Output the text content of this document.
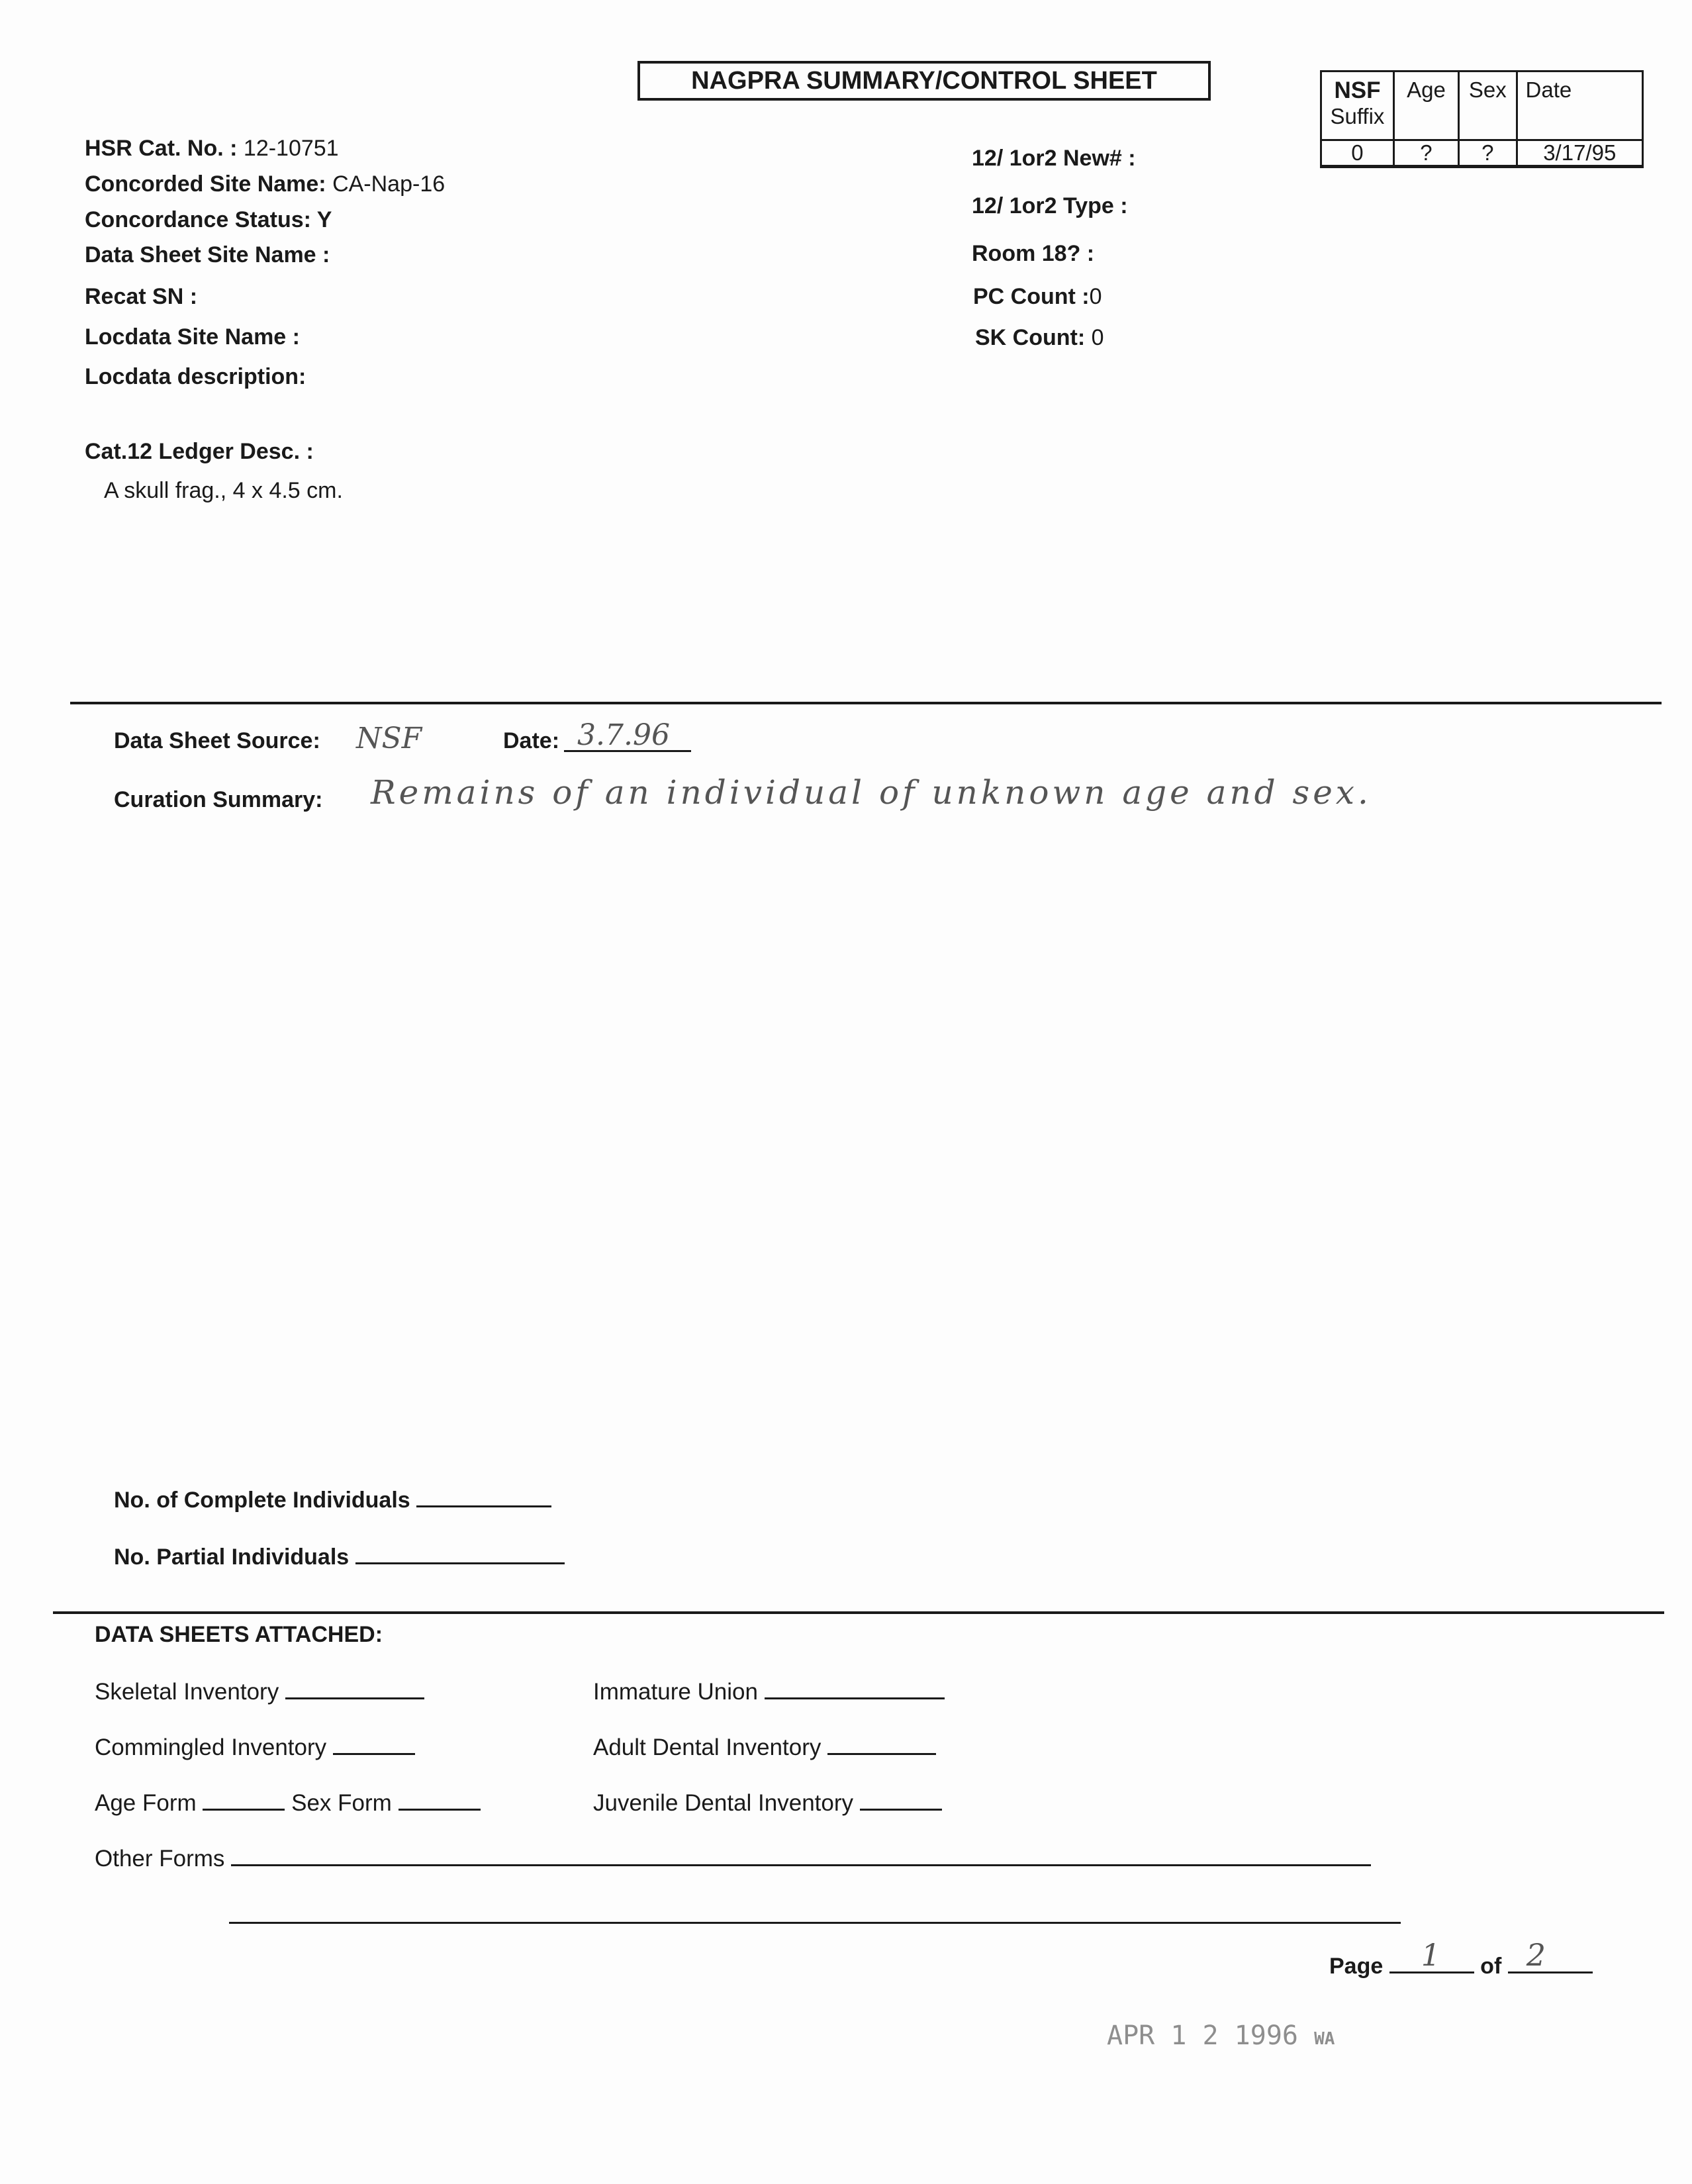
NAGPRA SUMMARY/CONTROL SHEET	NSF
Suffix	Age	Sex	Date
0	?	?	3/17/95
HSR Cat. No. : 12-10751
Concorded Site Name: CA-Nap-16
Concordance Status: Y
Data Sheet Site Name :
Recat SN :
Locdata Site Name :
Locdata description:
Cat.12 Ledger Desc. :
A skull frag., 4 x 4.5 cm.
12/ 1or2 New# :
12/ 1or2 Type :
Room 18? :
PC Count :0
SK Count: 0
Data Sheet Source: NSF	Date: 3.7.96
Curation Summary: Remains of an individual of unknown age and sex.
No. of Complete Individuals
No. Partial Individuals
DATA SHEETS ATTACHED:
Skeletal Inventory
Commingled Inventory
Age Form	Sex Form
Immature Union
Adult Dental Inventory
Juvenile Dental Inventory
Other Forms
Page 1 of 2
APR 1 2 1996 WA
